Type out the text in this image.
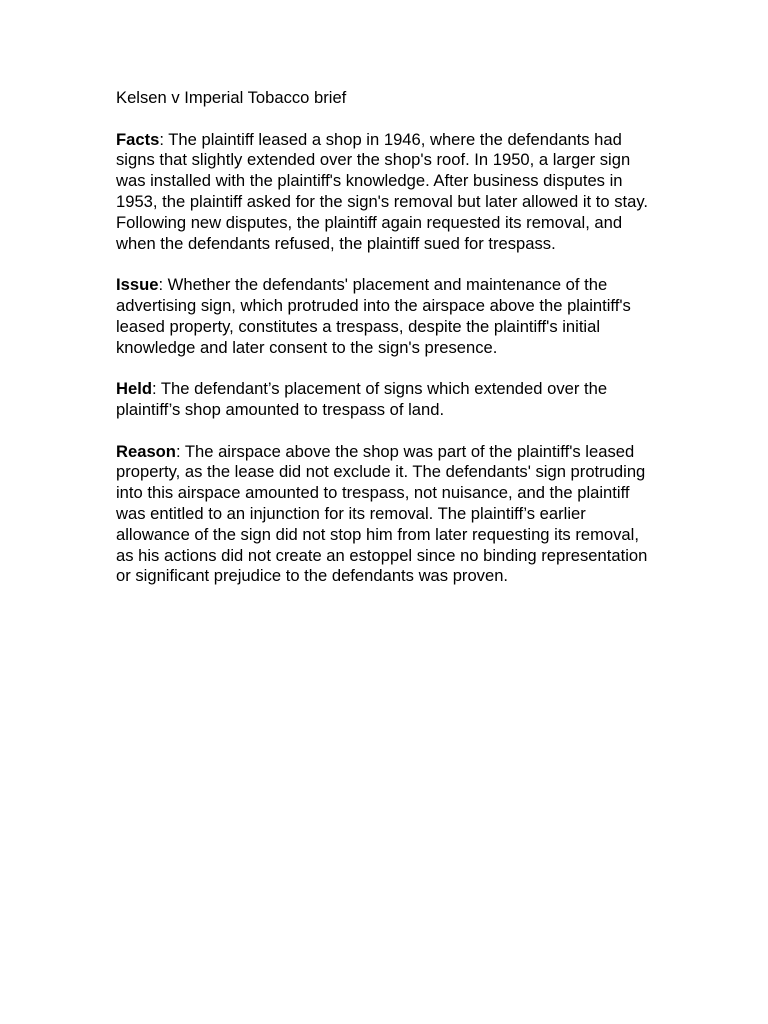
Kelsen v Imperial Tobacco brief

Facts: The plaintiff leased a shop in 1946, where the defendants had signs that slightly extended over the shop's roof. In 1950, a larger sign was installed with the plaintiff's knowledge. After business disputes in 1953, the plaintiff asked for the sign's removal but later allowed it to stay. Following new disputes, the plaintiff again requested its removal, and when the defendants refused, the plaintiff sued for trespass.

Issue: Whether the defendants' placement and maintenance of the advertising sign, which protruded into the airspace above the plaintiff's leased property, constitutes a trespass, despite the plaintiff's initial knowledge and later consent to the sign's presence.

Held: The defendant’s placement of signs which extended over the plaintiff’s shop amounted to trespass of land.

Reason: The airspace above the shop was part of the plaintiff's leased property, as the lease did not exclude it. The defendants' sign protruding into this airspace amounted to trespass, not nuisance, and the plaintiff was entitled to an injunction for its removal. The plaintiff’s earlier allowance of the sign did not stop him from later requesting its removal, as his actions did not create an estoppel since no binding representation or significant prejudice to the defendants was proven.
